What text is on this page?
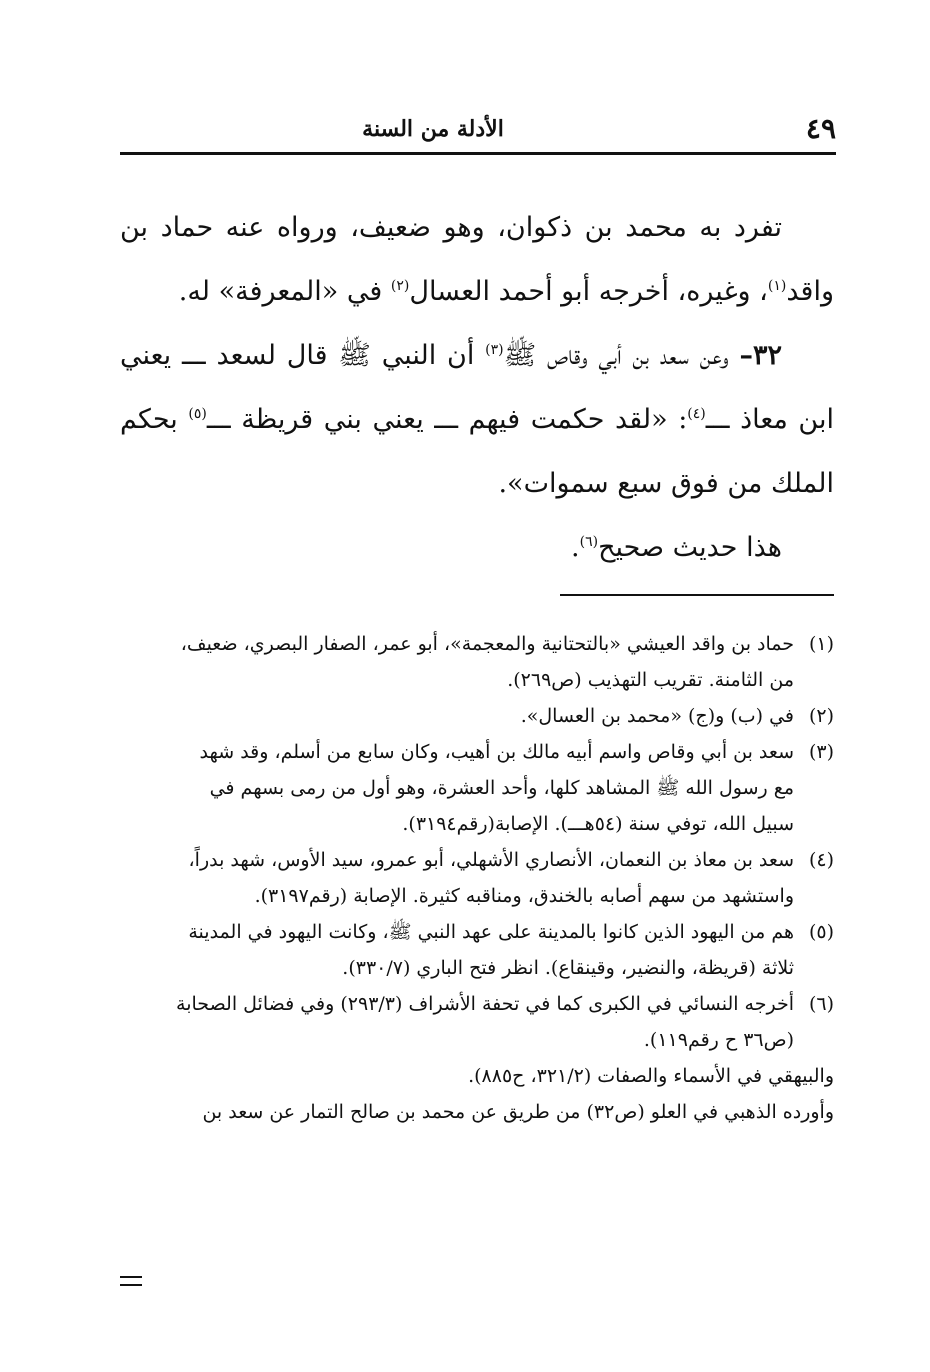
٤٩
الأدلة من السنة

تفرد به محمد بن ذكوان، وهو ضعيف، ورواه عنه حماد بن واقد$^{(١)}$، وغيره، أخرجه أبو أحمد العسال$^{(٢)}$ في «المعرفة» له.

٣٢– وعن سعد بن أبي وقاص ﷺ$^{(٣)}$ أن النبي ﷺ قال لسعد ـــ يعني ابن معاذ ـــ$^{(٤)}$: «لقد حكمت فيهم ـــ يعني بني قريظة ـــ$^{(٥)}$ بحكم الملك من فوق سبع سموات».

هذا حديث صحيح$^{(٦)}$.

(١)
حماد بن واقد العيشي «بالتحتانية والمعجمة»، أبو عمر، الصفار البصري، ضعيف،

من الثامنة. تقريب التهذيب (ص٢٦٩).

(٢)
في (ب) و(ج) «محمد بن العسال».
(٣)
سعد بن أبي وقاص واسم أبيه مالك بن أهيب، وكان سابع من أسلم، وقد شهد

مع رسول الله ﷺ المشاهد كلها، وأحد العشرة، وهو أول من رمى بسهم في

سبيل الله، توفي سنة (٥٤هـــ). الإصابة(رقم٣١٩٤).

(٤)
سعد بن معاذ بن النعمان، الأنصاري الأشهلي، أبو عمرو، سيد الأوس، شهد بدراً،

واستشهد من سهم أصابه بالخندق، ومناقبه كثيرة. الإصابة (رقم٣١٩٧).

(٥)
هم من اليهود الذين كانوا بالمدينة على عهد النبي ﷺ، وكانت اليهود في المدينة

ثلاثة (قريظة، والنضير، وقينقاع). انظر فتح الباري (٣٣٠/٧).

(٦)
أخرجه النسائي في الكبرى كما في تحفة الأشراف (٢٩٣/٣) وفي فضائل الصحابة

(ص٣٦ ح رقم١١٩).

والبيهقي في الأسماء والصفات (٣٢١/٢، ح٨٨٥).

وأورده الذهبي في العلو (ص٣٢) من طريق عن محمد بن صالح التمار عن سعد بن
